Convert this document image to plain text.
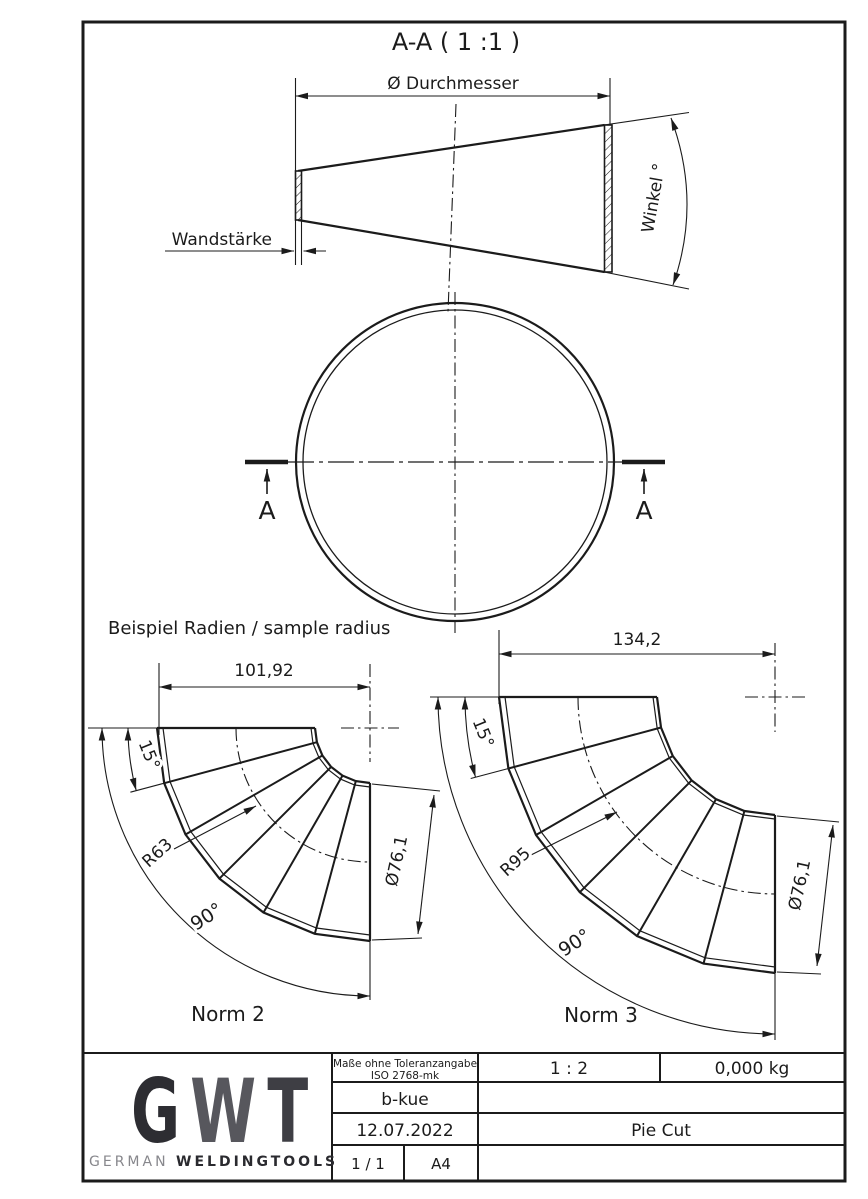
A-A ( 1 :1 )
Ø Durchmesser
Wandstärke
Winkel °
A	A
Beispiel Radien / sample radius
101,92
15°
R63
90°
Ø76,1
Norm 2
134,2
15°
R95
90°
Ø76,1
Norm 3
Maße ohne Toleranzangabe
ISO 2768-mk	1 : 2	0,000 kg
b-kue
12.07.2022	Pie Cut
1 / 1	A4
G W T
GERMAN WELDINGTOOLS
